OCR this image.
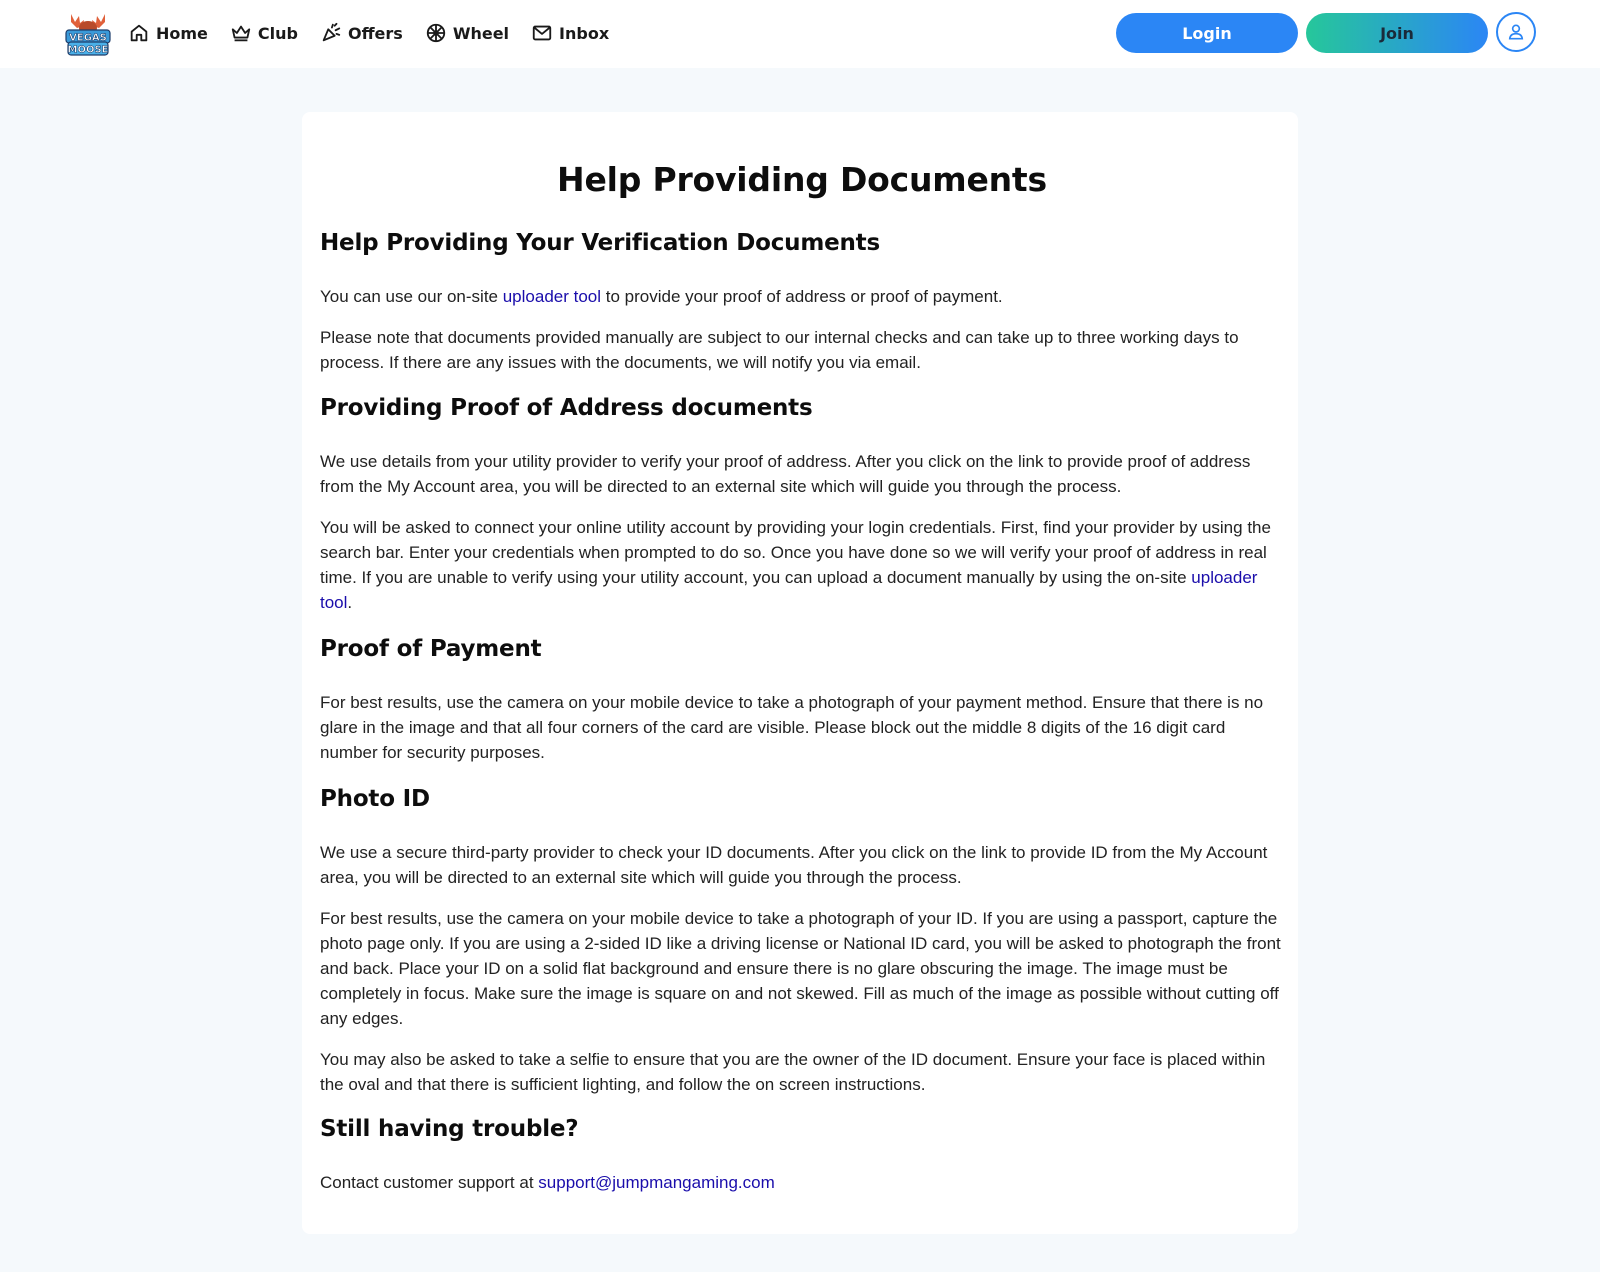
VEGAS
MOOSE
Home	Club	Offers	Wheel	Inbox	Login	Join
Help Providing Documents
Help Providing Your Verification Documents

You can use our on-site uploader tool to provide your proof of address or proof of payment.

Please note that documents provided manually are subject to our internal checks and can take up to three working days to process. If there are any issues with the documents, we will notify you via email.

Providing Proof of Address documents

We use details from your utility provider to verify your proof of address. After you click on the link to provide proof of address from the My Account area, you will be directed to an external site which will guide you through the process.

You will be asked to connect your online utility account by providing your login credentials. First, find your provider by using the search bar. Enter your credentials when prompted to do so. Once you have done so we will verify your proof of address in real time. If you are unable to verify using your utility account, you can upload a document manually by using the on-site uploader tool.

Proof of Payment

For best results, use the camera on your mobile device to take a photograph of your payment method. Ensure that there is no glare in the image and that all four corners of the card are visible. Please block out the middle 8 digits of the 16 digit card number for security purposes.

Photo ID

We use a secure third-party provider to check your ID documents. After you click on the link to provide ID from the My Account area, you will be directed to an external site which will guide you through the process.

For best results, use the camera on your mobile device to take a photograph of your ID. If you are using a passport, capture the photo page only. If you are using a 2-sided ID like a driving license or National ID card, you will be asked to photograph the front and back. Place your ID on a solid flat background and ensure there is no glare obscuring the image. The image must be completely in focus. Make sure the image is square on and not skewed. Fill as much of the image as possible without cutting off any edges.

You may also be asked to take a selfie to ensure that you are the owner of the ID document. Ensure your face is placed within the oval and that there is sufficient lighting, and follow the on screen instructions.

Still having trouble?

Contact customer support at support@jumpmangaming.com
